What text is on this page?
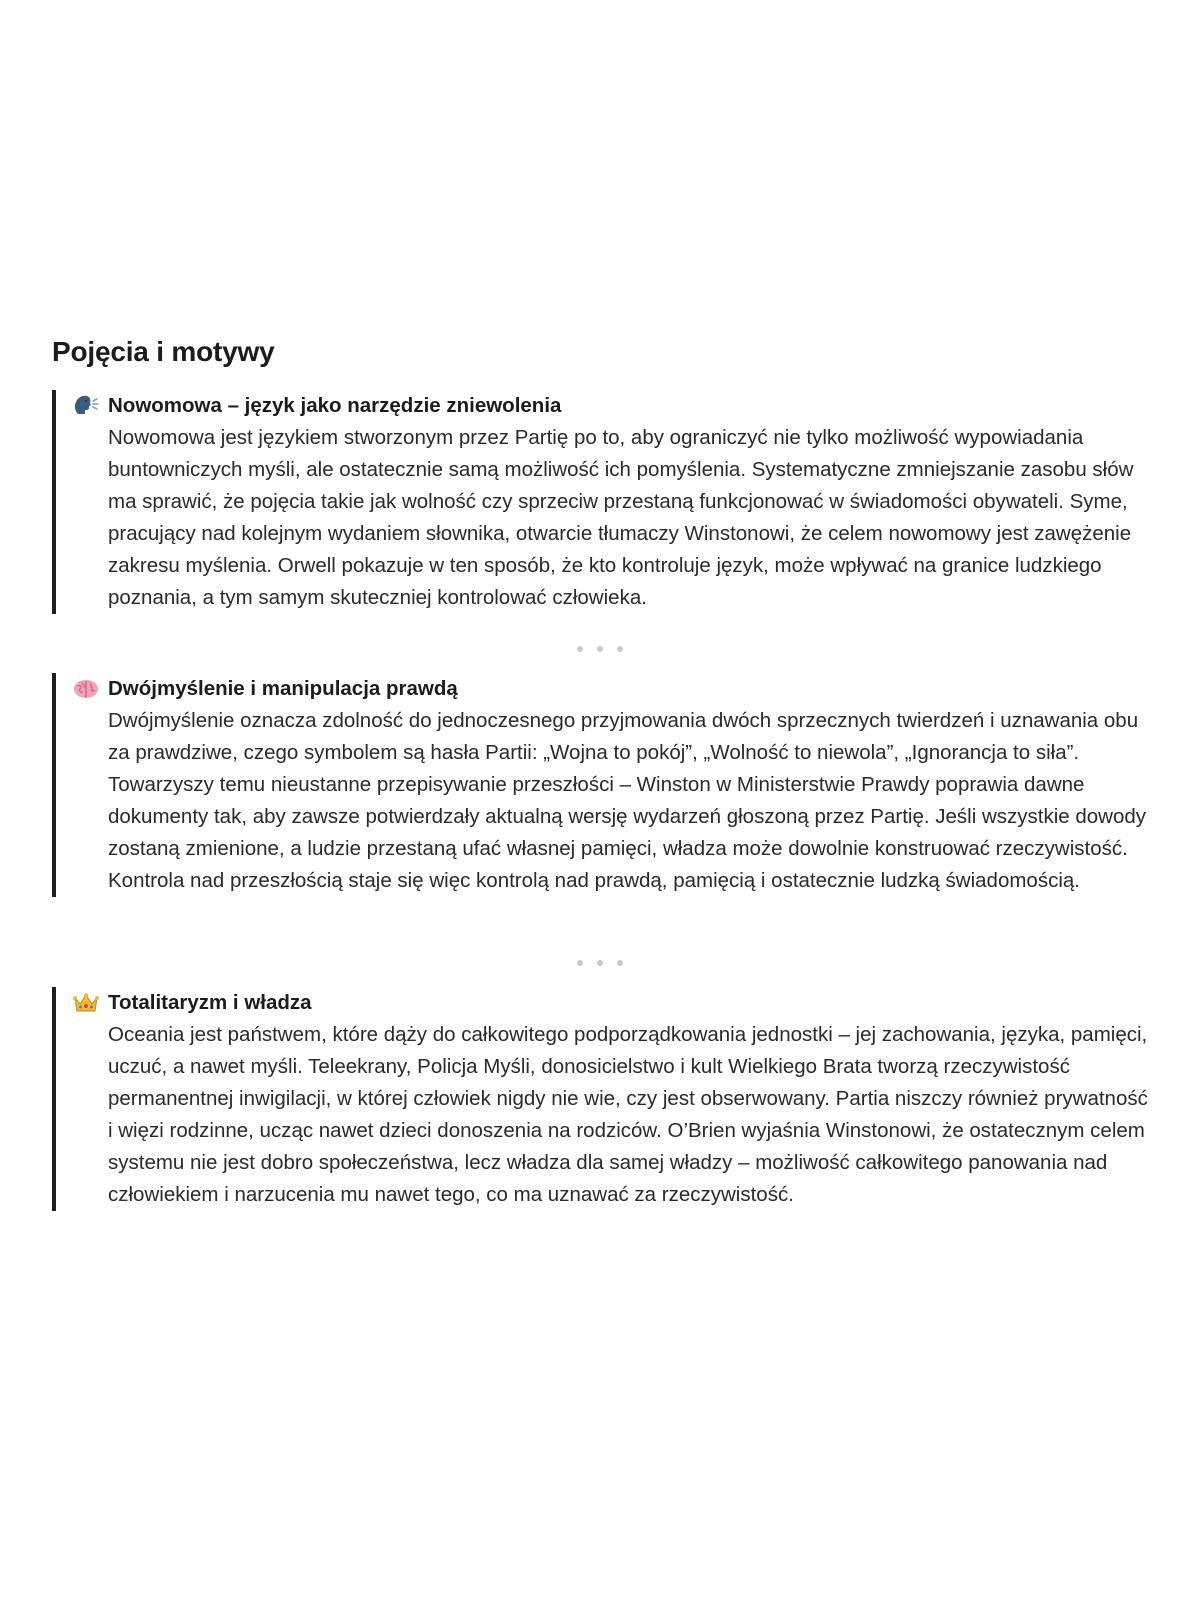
Pojęcia i motywy
Nowomowa – język jako narzędzie zniewolenia

Nowomowa jest językiem stworzonym przez Partię po to, aby ograniczyć nie tylko możliwość wypowiadania buntowniczych myśli, ale ostatecznie samą możliwość ich pomyślenia. Systematyczne zmniejszanie zasobu słów ma sprawić, że pojęcia takie jak wolność czy sprzeciw przestaną funkcjonować w świadomości obywateli. Syme, pracujący nad kolejnym wydaniem słownika, otwarcie tłumaczy Winstonowi, że celem nowomowy jest zawężenie zakresu myślenia. Orwell pokazuje w ten sposób, że kto kontroluje język, może wpływać na granice ludzkiego poznania, a tym samym skuteczniej kontrolować człowieka.

Dwójmyślenie i manipulacja prawdą

Dwójmyślenie oznacza zdolność do jednoczesnego przyjmowania dwóch sprzecznych twierdzeń i uznawania obu za prawdziwe, czego symbolem są hasła Partii: „Wojna to pokój”, „Wolność to niewola”, „Ignorancja to siła”. Towarzyszy temu nieustanne przepisywanie przeszłości – Winston w Ministerstwie Prawdy poprawia dawne dokumenty tak, aby zawsze potwierdzały aktualną wersję wydarzeń głoszoną przez Partię. Jeśli wszystkie dowody zostaną zmienione, a ludzie przestaną ufać własnej pamięci, władza może dowolnie konstruować rzeczywistość. Kontrola nad przeszłością staje się więc kontrolą nad prawdą, pamięcią i ostatecznie ludzką świadomością.

Totalitaryzm i władza

Oceania jest państwem, które dąży do całkowitego podporządkowania jednostki – jej zachowania, języka, pamięci, uczuć, a nawet myśli. Teleekrany, Policja Myśli, donosicielstwo i kult Wielkiego Brata tworzą rzeczywistość permanentnej inwigilacji, w której człowiek nigdy nie wie, czy jest obserwowany. Partia niszczy również prywatność i więzi rodzinne, ucząc nawet dzieci donoszenia na rodziców. O’Brien wyjaśnia Winstonowi, że ostatecznym celem systemu nie jest dobro społeczeństwa, lecz władza dla samej władzy – możliwość całkowitego panowania nad człowiekiem i narzucenia mu nawet tego, co ma uznawać za rzeczywistość.
